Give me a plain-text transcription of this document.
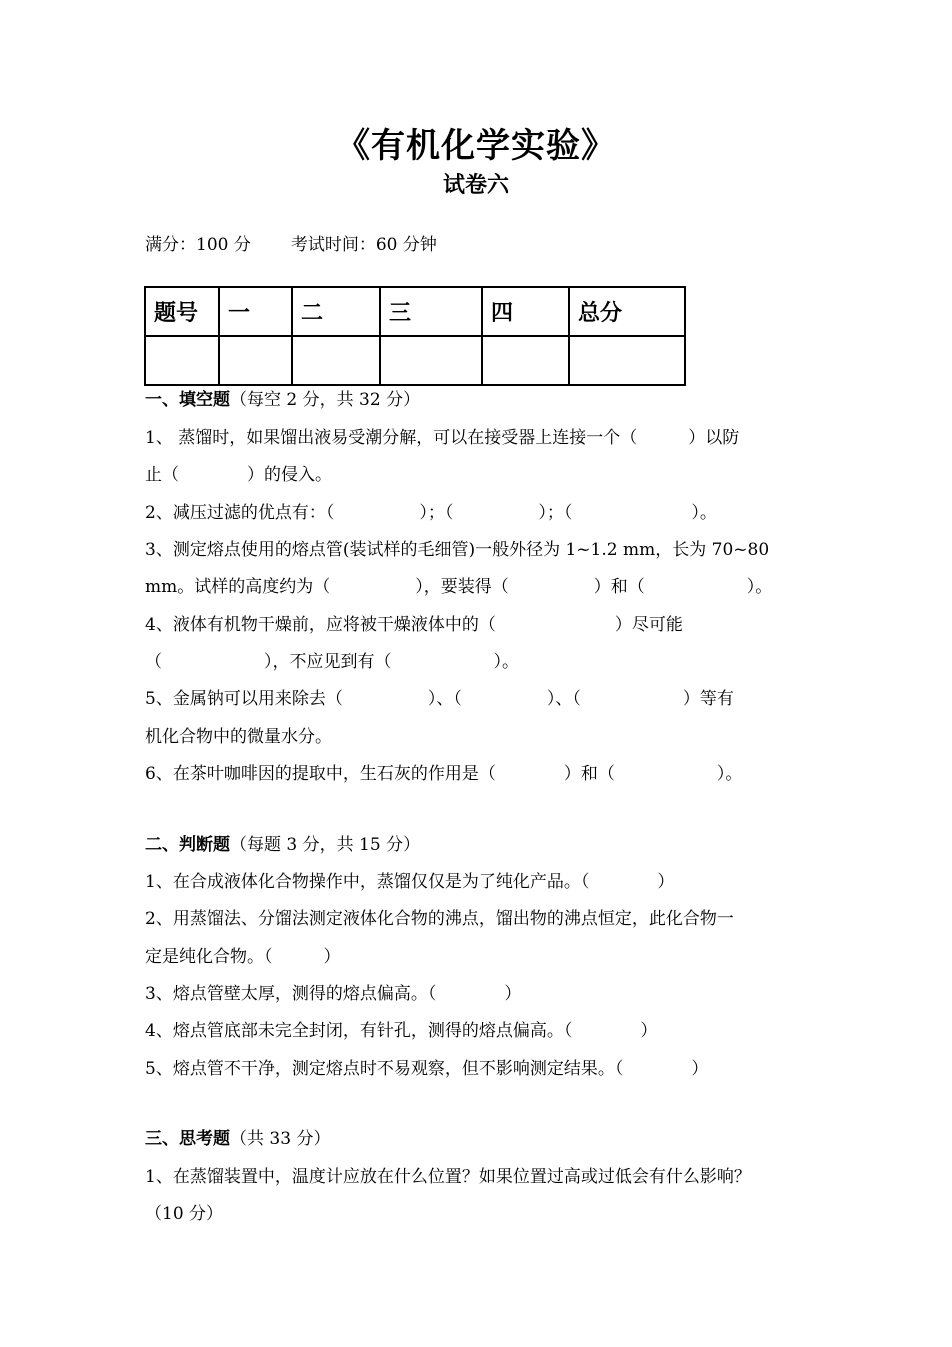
《有机化学实验》
试卷六
满分：100 分 考试时间：60 分钟
题号	一	二	三	四	总分

一、填空题（每空 2 分，共 32 分）
1、 蒸馏时，如果馏出液易受潮分解，可以在接受器上连接一个（　　　）以防
止（　　　　）的侵入。
2、减压过滤的优点有：（　　　　　）；（　　　　　）；（　　　　　　　）。
3、测定熔点使用的熔点管(装试样的毛细管)一般外径为 1~1.2 mm，长为 70~80
mm。试样的高度约为（　　　　　），要装得（　　　　　）和（　　　　　　）。
4、液体有机物干燥前，应将被干燥液体中的（　　　　　　　）尽可能
（　　　　　　），不应见到有（　　　　　　）。
5、金属钠可以用来除去（　　　　　）、（　　　　　）、（　　　　　　）等有
机化合物中的微量水分。
6、在茶叶咖啡因的提取中，生石灰的作用是（　　　　）和（　　　　　　）。
二、判断题（每题 3 分，共 15 分）
1、在合成液体化合物操作中，蒸馏仅仅是为了纯化产品。（　　　　）
2、用蒸馏法、分馏法测定液体化合物的沸点，馏出物的沸点恒定，此化合物一
定是纯化合物。（　　　）
3、熔点管壁太厚，测得的熔点偏高。（　　　　）
4、熔点管底部未完全封闭，有针孔，测得的熔点偏高。（　　　　）
5、熔点管不干净，测定熔点时不易观察，但不影响测定结果。（　　　　）
三、思考题（共 33 分）
1、在蒸馏装置中，温度计应放在什么位置？如果位置过高或过低会有什么影响？
（10 分）
